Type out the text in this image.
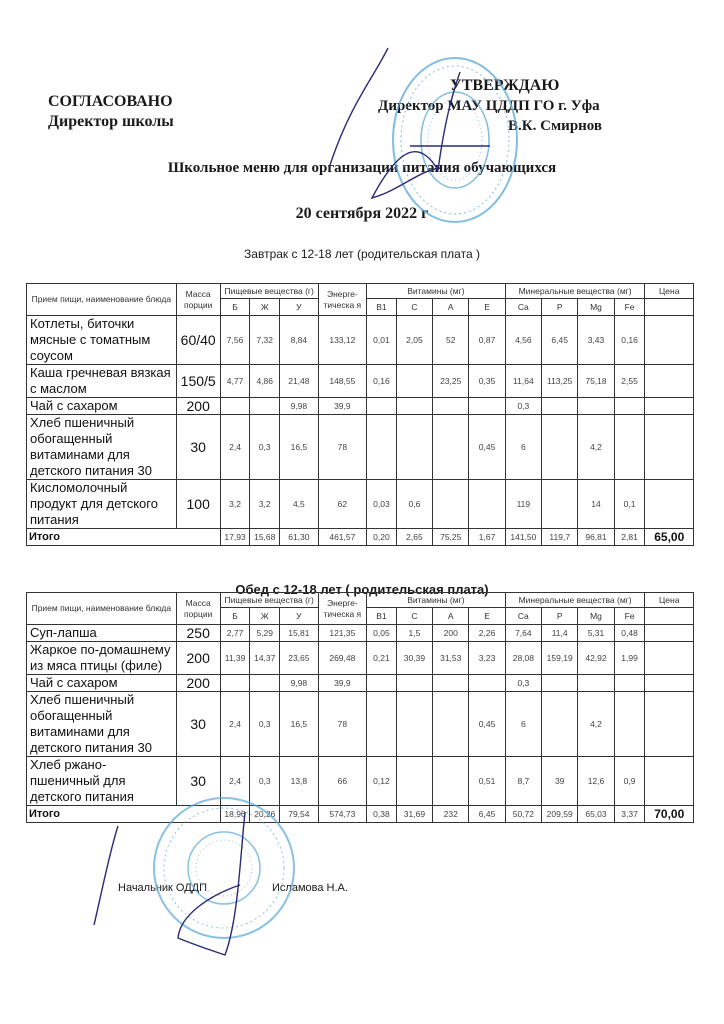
СОГЛАСОВАНО
Директор школы
УТВЕРЖДАЮ
Директор МАУ ЦДДП ГО г. Уфа
В.К. Смирнов
Школьное меню для организации питания обучающихся
20 сентября 2022 г
Завтрак с 12-18 лет (родительская плата )
Прием пищи, наименование блюда	Масса порции	Пищевые вещества (г)			Энерге-тическа я	Витамины (мг)				Минеральные вещества (мг)				Цена
		Б	Ж	У		B1	C	A	E	Ca	P	Mg	Fe	
Котлеты, биточки мясные с томатным соусом	60/40	7,56	7,32	8,84	133,12	0,01	2,05	52	0,87	4,56	6,45	3,43	0,16	
Каша гречневая вязкая с маслом	150/5	4,77	4,86	21,48	148,55	0,16		23,25	0,35	11,64	113,25	75,18	2,55	
Чай с сахаром	200			9,98	39,9					0,3				
Хлеб пшеничный обогащенный витаминами для детского питания 30	30	2,4	0,3	16,5	78				0,45	6		4,2		
Кисломолочный продукт для детского питания	100	3,2	3,2	4,5	62	0,03	0,6			119		14	0,1	
Итого		17,93	15,68	61,30	461,57	0,20	2,65	75,25	1,67	141,50	119,7	96,81	2,81	65,00
Обед с 12-18 лет ( родительская плата)
Прием пищи, наименование блюда	Масса порции	Пищевые вещества (г)			Энерге-тическа я	Витамины (мг)				Минеральные вещества (мг)				Цена
		Б	Ж	У		B1	C	A	E	Ca	P	Mg	Fe	
Суп-лапша	250	2,77	5,29	15,81	121,35	0,05	1,5	200	2,26	7,64	11,4	5,31	0,48	
Жаркое по-домашнему из мяса птицы (филе)	200	11,39	14,37	23,65	269,48	0,21	30,39	31,53	3,23	28,08	159,19	42,92	1,99	
Чай с сахаром	200			9,98	39,9					0,3				
Хлеб пшеничный обогащенный витаминами для детского питания 30	30	2,4	0,3	16,5	78				0,45	6		4,2		
Хлеб ржано-пшеничный для детского питания	30	2,4	0,3	13,8	66	0,12			0,51	8,7	39	12,6	0,9	
Итого		18,96	20,26	79,54	574,73	0,38	31,69	232	6,45	50,72	209,59	65,03	3,37	70,00
Начальник ОДДП	Исламова Н.А.
